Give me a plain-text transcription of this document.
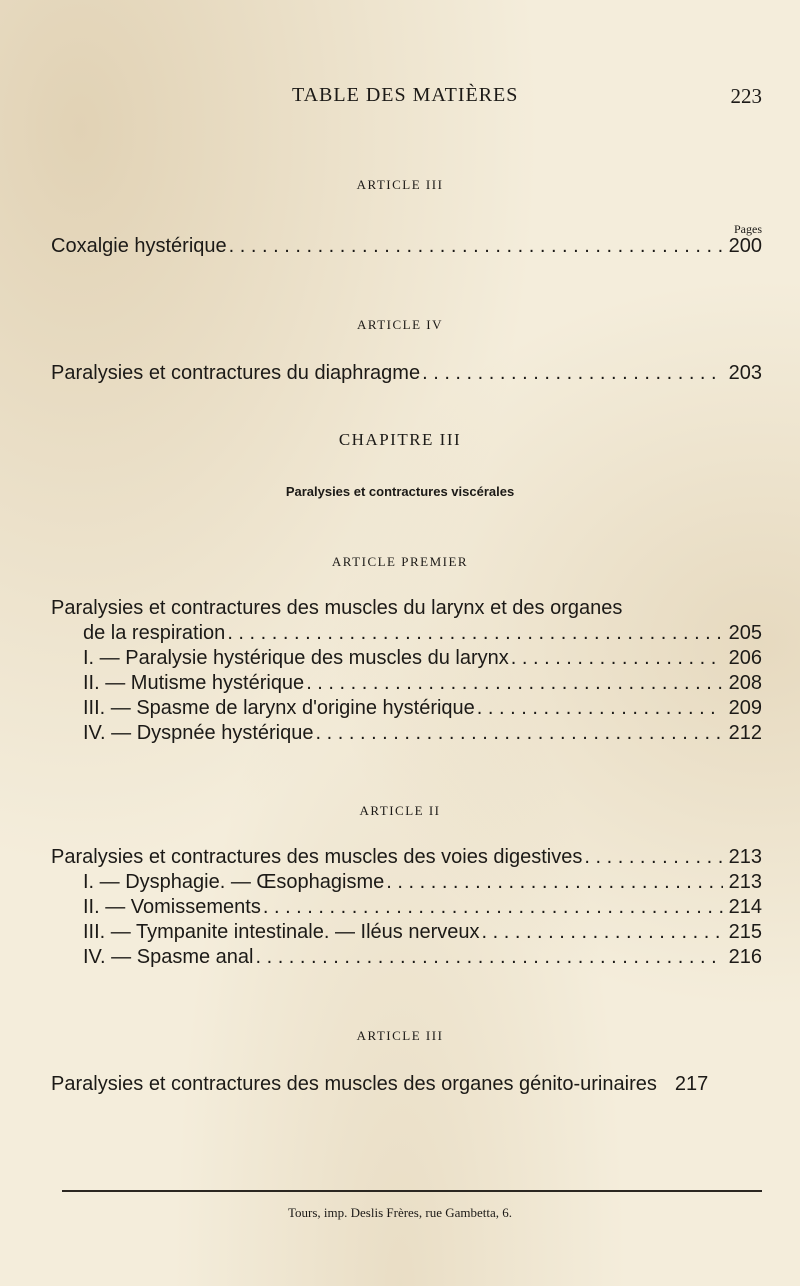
TABLE DES MATIÈRES	223
ARTICLE III
Pages
Coxalgie hystérique . . .	200
ARTICLE IV
Paralysies et contractures du diaphragme . . .	203
CHAPITRE III
Paralysies et contractures viscérales
ARTICLE PREMIER
Paralysies et contractures des muscles du larynx et des organes
de la respiration . . .	205
I. — Paralysie hystérique des muscles du larynx . . .	206
II. — Mutisme hystérique . . .	208
III. — Spasme de larynx d'origine hystérique . . .	209
IV. — Dyspnée hystérique . . .	212
ARTICLE II
Paralysies et contractures des muscles des voies digestives . . .	213
I. — Dysphagie. — Œsophagisme . . .	213
II. — Vomissements . . .	214
III. — Tympanite intestinale. — Iléus nerveux . . .	215
IV. — Spasme anal . . .	216
ARTICLE III
Paralysies et contractures des muscles des organes génito-urinaires 217
Tours, imp. Deslis Frères, rue Gambetta, 6.
